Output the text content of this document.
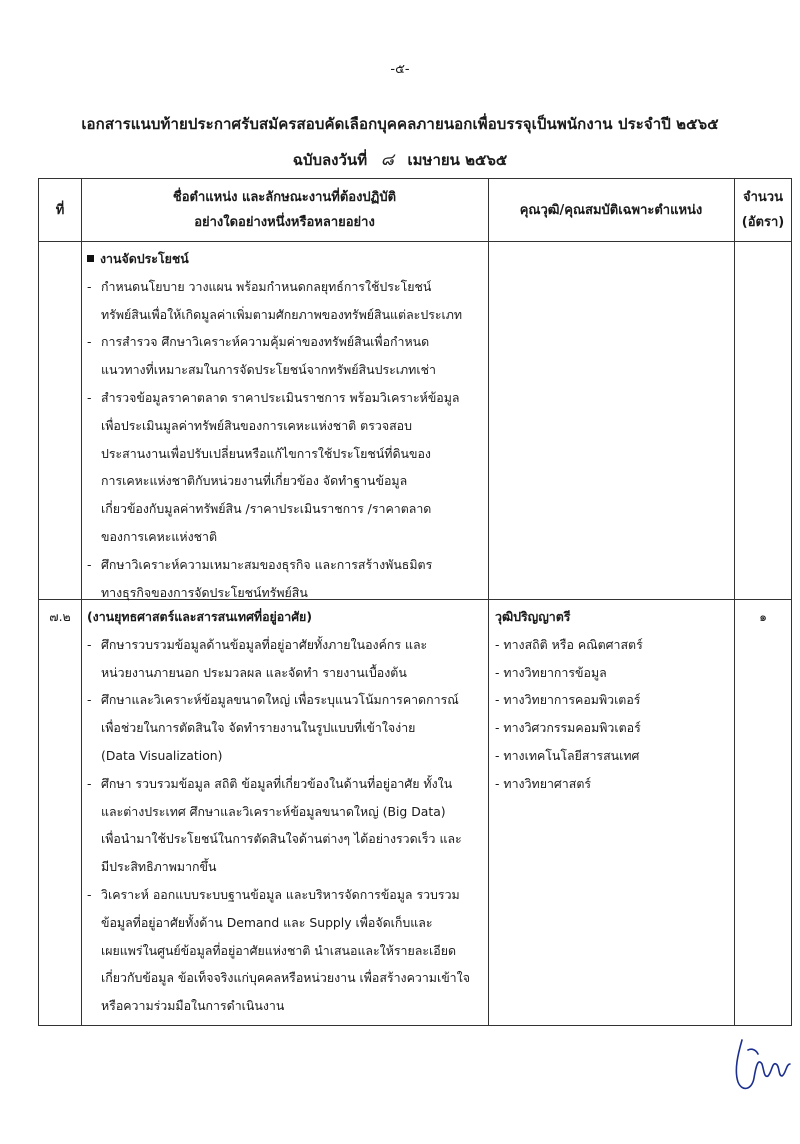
-๕-
เอกสารแนบท้ายประกาศรับสมัครสอบคัดเลือกบุคคลภายนอกเพื่อบรรจุเป็นพนักงาน ประจำปี ๒๕๖๕
ฉบับลงวันที่ ๘ เมษายน ๒๕๖๕
ที่
ชื่อตำแหน่ง และลักษณะงานที่ต้องปฏิบัติ
อย่างใดอย่างหนึ่งหรือหลายอย่าง
คุณวุฒิ/คุณสมบัติเฉพาะตำแหน่ง
จำนวน
(อัตรา)
งานจัดประโยชน์
- กำหนดนโยบาย วางแผน พร้อมกำหนดกลยุทธ์การใช้ประโยชน์
ทรัพย์สินเพื่อให้เกิดมูลค่าเพิ่มตามศักยภาพของทรัพย์สินแต่ละประเภท
- การสำรวจ ศึกษาวิเคราะห์ความคุ้มค่าของทรัพย์สินเพื่อกำหนด
แนวทางที่เหมาะสมในการจัดประโยชน์จากทรัพย์สินประเภทเช่า
- สำรวจข้อมูลราคาตลาด ราคาประเมินราชการ พร้อมวิเคราะห์ข้อมูล
เพื่อประเมินมูลค่าทรัพย์สินของการเคหะแห่งชาติ ตรวจสอบ
ประสานงานเพื่อปรับเปลี่ยนหรือแก้ไขการใช้ประโยชน์ที่ดินของ
การเคหะแห่งชาติกับหน่วยงานที่เกี่ยวข้อง จัดทำฐานข้อมูล
เกี่ยวข้องกับมูลค่าทรัพย์สิน /ราคาประเมินราชการ /ราคาตลาด
ของการเคหะแห่งชาติ
- ศึกษาวิเคราะห์ความเหมาะสมของธุรกิจ และการสร้างพันธมิตร
ทางธุรกิจของการจัดประโยชน์ทรัพย์สิน
๗.๒	(งานยุทธศาสตร์และสารสนเทศที่อยู่อาศัย)
- ศึกษารวบรวมข้อมูลด้านข้อมูลที่อยู่อาศัยทั้งภายในองค์กร และ
หน่วยงานภายนอก ประมวลผล และจัดทำ รายงานเบื้องต้น
- ศึกษาและวิเคราะห์ข้อมูลขนาดใหญ่ เพื่อระบุแนวโน้มการคาดการณ์
เพื่อช่วยในการตัดสินใจ จัดทำรายงานในรูปแบบที่เข้าใจง่าย
(Data Visualization)
- ศึกษา รวบรวมข้อมูล สถิติ ข้อมูลที่เกี่ยวข้องในด้านที่อยู่อาศัย ทั้งใน
และต่างประเทศ ศึกษาและวิเคราะห์ข้อมูลขนาดใหญ่ (Big Data)
เพื่อนำมาใช้ประโยชน์ในการตัดสินใจด้านต่างๆ ได้อย่างรวดเร็ว และ
มีประสิทธิภาพมากขึ้น
- วิเคราะห์ ออกแบบระบบฐานข้อมูล และบริหารจัดการข้อมูล รวบรวม
ข้อมูลที่อยู่อาศัยทั้งด้าน Demand และ Supply เพื่อจัดเก็บและ
เผยแพร่ในศูนย์ข้อมูลที่อยู่อาศัยแห่งชาติ นำเสนอและให้รายละเอียด
เกี่ยวกับข้อมูล ข้อเท็จจริงแก่บุคคลหรือหน่วยงาน เพื่อสร้างความเข้าใจ
หรือความร่วมมือในการดำเนินงาน
วุฒิปริญญาตรี
- ทางสถิติ หรือ คณิตศาสตร์
- ทางวิทยาการข้อมูล
- ทางวิทยาการคอมพิวเตอร์
- ทางวิศวกรรมคอมพิวเตอร์
- ทางเทคโนโลยีสารสนเทศ
- ทางวิทยาศาสตร์
๑
